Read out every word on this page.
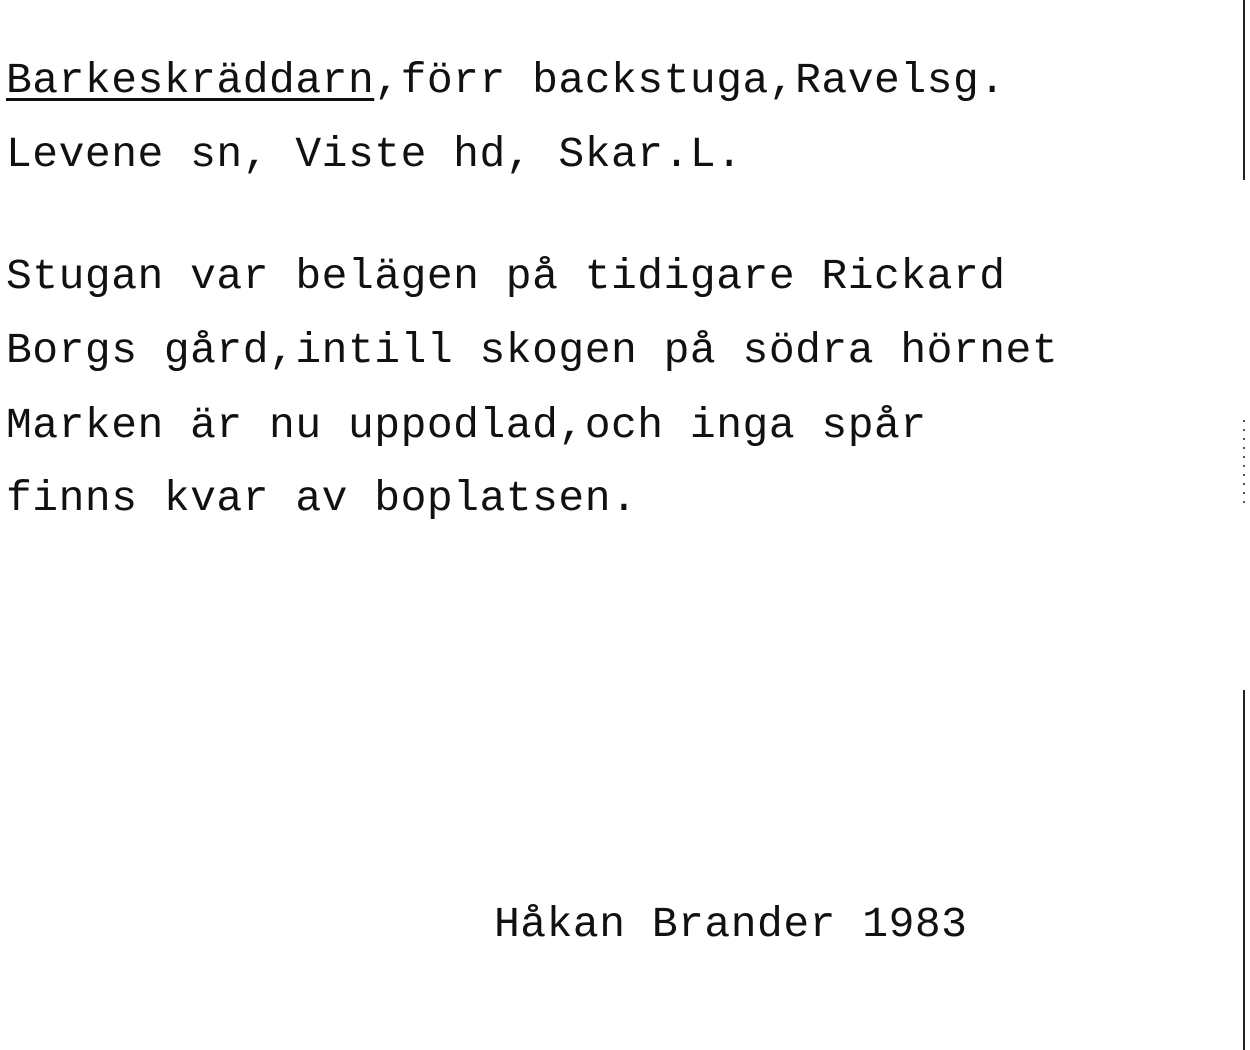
Barkeskräddarn,förr backstuga,Ravelsg.
Levene sn, Viste hd, Skar.L.
Stugan var belägen på tidigare Rickard
Borgs gård,intill skogen på södra hörnet
Marken är nu uppodlad,och inga spår
finns kvar av boplatsen.
Håkan Brander 1983
